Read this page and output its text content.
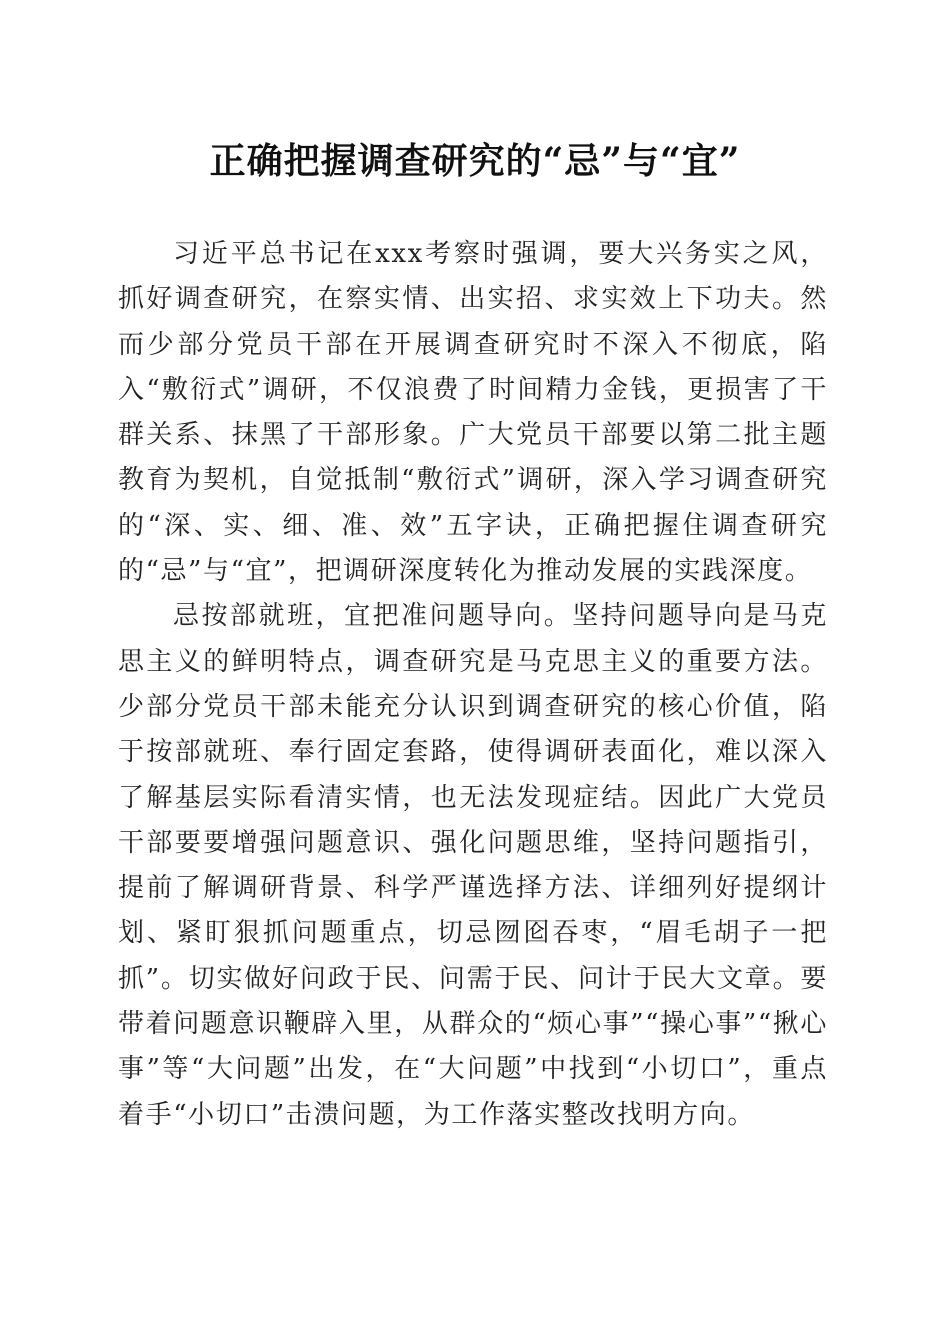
正确把握调查研究的“忌”与“宜”

习近平总书记在xxx考察时强调，要大兴务实之风，抓好调查研究，在察实情、出实招、求实效上下功夫。然而少部分党员干部在开展调查研究时不深入不彻底，陷入“敷衍式”调研，不仅浪费了时间精力金钱，更损害了干群关系、抹黑了干部形象。广大党员干部要以第二批主题教育为契机，自觉抵制“敷衍式”调研，深入学习调查研究的“深、实、细、准、效”五字诀，正确把握住调查研究的“忌”与“宜”，把调研深度转化为推动发展的实践深度。

忌按部就班，宜把准问题导向。坚持问题导向是马克思主义的鲜明特点，调查研究是马克思主义的重要方法。少部分党员干部未能充分认识到调查研究的核心价值，陷于按部就班、奉行固定套路，使得调研表面化，难以深入了解基层实际看清实情，也无法发现症结。因此广大党员干部要要增强问题意识、强化问题思维，坚持问题指引，提前了解调研背景、科学严谨选择方法、详细列好提纲计划、紧盯狠抓问题重点，切忌囫囵吞枣，“眉毛胡子一把抓”。切实做好问政于民、问需于民、问计于民大文章。要带着问题意识鞭辟入里，从群众的“烦心事”“操心事”“揪心事”等“大问题”出发，在“大问题”中找到“小切口”，重点着手“小切口”击溃问题，为工作落实整改找明方向。
